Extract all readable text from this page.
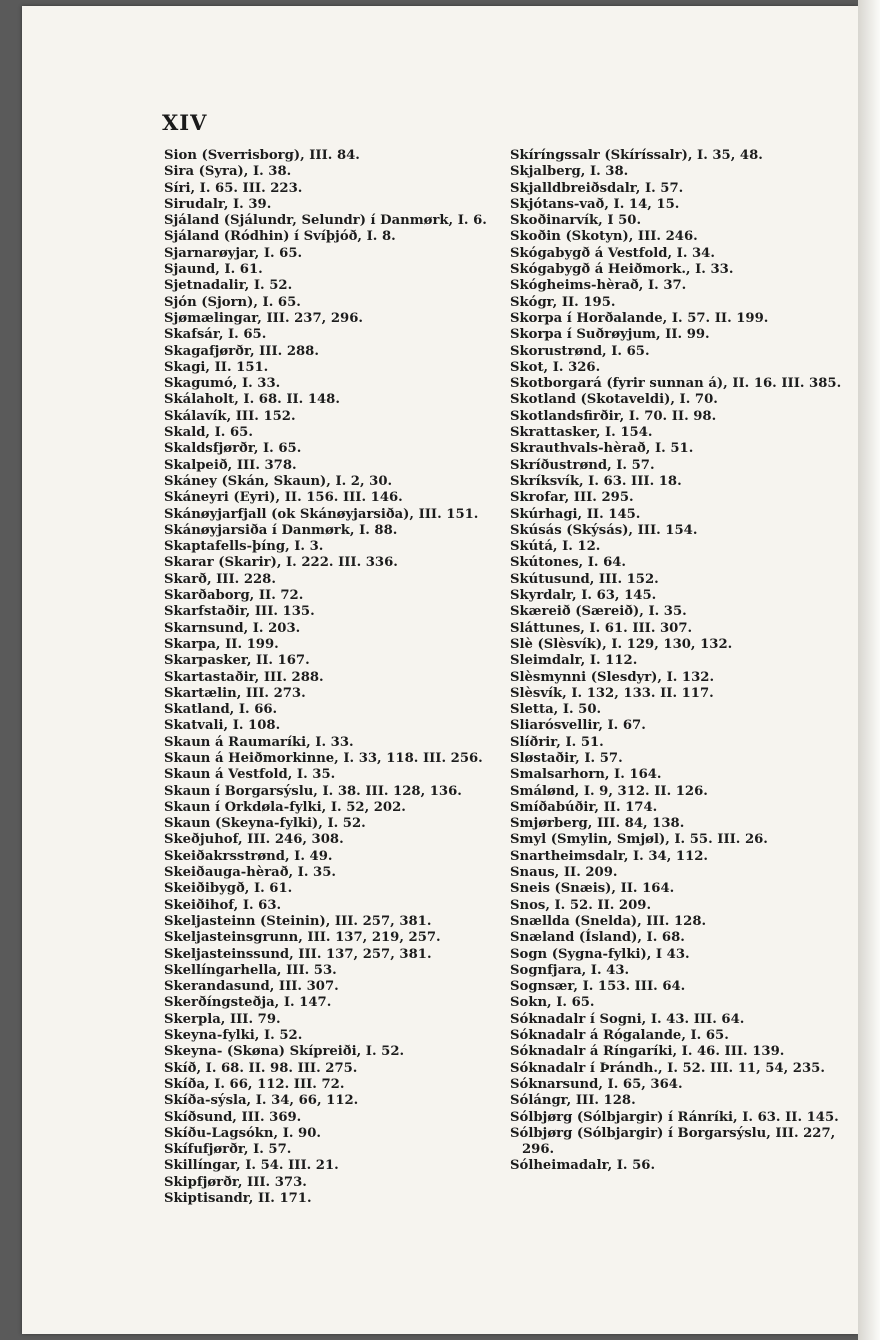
XIV
Sion (Sverrisborg), III. 84.
Sira (Syra), I. 38.
Síri, I. 65. III. 223.
Sirudalr, I. 39.
Sjáland (Sjálundr, Selundr) í Danmørk, I. 6.
Sjáland (Ródhin) í Svíþjóð, I. 8.
Sjarnarøyjar, I. 65.
Sjaund, I. 61.
Sjetnadalir, I. 52.
Sjón (Sjorn), I. 65.
Sjømælingar, III. 237, 296.
Skafsár, I. 65.
Skagafjørðr, III. 288.
Skagi, II. 151.
Skagumó, I. 33.
Skálaholt, I. 68. II. 148.
Skálavík, III. 152.
Skald, I. 65.
Skaldsfjørðr, I. 65.
Skalpeið, III. 378.
Skáney (Skán, Skaun), I. 2, 30.
Skáneyri (Eyri), II. 156. III. 146.
Skánøyjarfjall (ok Skánøyjarsiða), III. 151.
Skánøyjarsiða í Danmørk, I. 88.
Skaptafells-þíng, I. 3.
Skarar (Skarir), I. 222. III. 336.
Skarð, III. 228.
Skarðaborg, II. 72.
Skarfstaðir, III. 135.
Skarnsund, I. 203.
Skarpa, II. 199.
Skarpasker, II. 167.
Skartastaðir, III. 288.
Skartælin, III. 273.
Skatland, I. 66.
Skatvali, I. 108.
Skaun á Raumaríki, I. 33.
Skaun á Heiðmorkinne, I. 33, 118. III. 256.
Skaun á Vestfold, I. 35.
Skaun í Borgarsýslu, I. 38. III. 128, 136.
Skaun í Orkdøla-fylki, I. 52, 202.
Skaun (Skeyna-fylki), I. 52.
Skeðjuhof, III. 246, 308.
Skeiðakrsstrønd, I. 49.
Skeiðauga-hèrað, I. 35.
Skeiðibygð, I. 61.
Skeiðihof, I. 63.
Skeljasteinn (Steinin), III. 257, 381.
Skeljasteinsgrunn, III. 137, 219, 257.
Skeljasteinssund, III. 137, 257, 381.
Skellíngarhella, III. 53.
Skerandasund, III. 307.
Skerðíngsteðja, I. 147.
Skerpla, III. 79.
Skeyna-fylki, I. 52.
Skeyna- (Skøna) Skípreiði, I. 52.
Skíð, I. 68. II. 98. III. 275.
Skíða, I. 66, 112. III. 72.
Skíða-sýsla, I. 34, 66, 112.
Skíðsund, III. 369.
Skíðu-Lagsókn, I. 90.
Skífufjørðr, I. 57.
Skillíngar, I. 54. III. 21.
Skipfjørðr, III. 373.
Skiptisandr, II. 171.
Skíríngssalr (Skíríssalr), I. 35, 48.
Skjalberg, I. 38.
Skjalldbreiðsdalr, I. 57.
Skjótans-vað, I. 14, 15.
Skoðinarvík, I 50.
Skoðin (Skotyn), III. 246.
Skógabygð á Vestfold, I. 34.
Skógabygð á Heiðmork., I. 33.
Skógheims-hèrað, I. 37.
Skógr, II. 195.
Skorpa í Horðalande, I. 57. II. 199.
Skorpa í Suðrøyjum, II. 99.
Skorustrønd, I. 65.
Skot, I. 326.
Skotborgará (fyrir sunnan á), II. 16. III. 385.
Skotland (Skotaveldi), I. 70.
Skotlandsfirðir, I. 70. II. 98.
Skrattasker, I. 154.
Skrauthvals-hèrað, I. 51.
Skríðustrønd, I. 57.
Skríksvík, I. 63. III. 18.
Skrofar, III. 295.
Skúrhagi, II. 145.
Skúsás (Skýsás), III. 154.
Skútá, I. 12.
Skútones, I. 64.
Skútusund, III. 152.
Skyrdalr, I. 63, 145.
Skæreið (Særeið), I. 35.
Sláttunes, I. 61. III. 307.
Slè (Slèsvík), I. 129, 130, 132.
Sleimdalr, I. 112.
Slèsmynni (Slesdyr), I. 132.
Slèsvík, I. 132, 133. II. 117.
Sletta, I. 50.
Sliarósvellir, I. 67.
Slíðrir, I. 51.
Sløstaðir, I. 57.
Smalsarhorn, I. 164.
Smálønd, I. 9, 312. II. 126.
Smíðabúðir, II. 174.
Smjørberg, III. 84, 138.
Smyl (Smylin, Smjøl), I. 55. III. 26.
Snartheimsdalr, I. 34, 112.
Snaus, II. 209.
Sneis (Snæis), II. 164.
Snos, I. 52. II. 209.
Snællda (Snelda), III. 128.
Snæland (Ísland), I. 68.
Sogn (Sygna-fylki), I 43.
Sognfjara, I. 43.
Sognsær, I. 153. III. 64.
Sokn, I. 65.
Sóknadalr í Sogni, I. 43. III. 64.
Sóknadalr á Rógalande, I. 65.
Sóknadalr á Ríngaríki, I. 46. III. 139.
Sóknadalr í Þrándh., I. 52. III. 11, 54, 235.
Sóknarsund, I. 65, 364.
Sólángr, III. 128.
Sólbjørg (Sólbjargir) í Ránríki, I. 63. II. 145.
Sólbjørg (Sólbjargir) í Borgarsýslu, III. 227, 296.
Sólheimadalr, I. 56.
